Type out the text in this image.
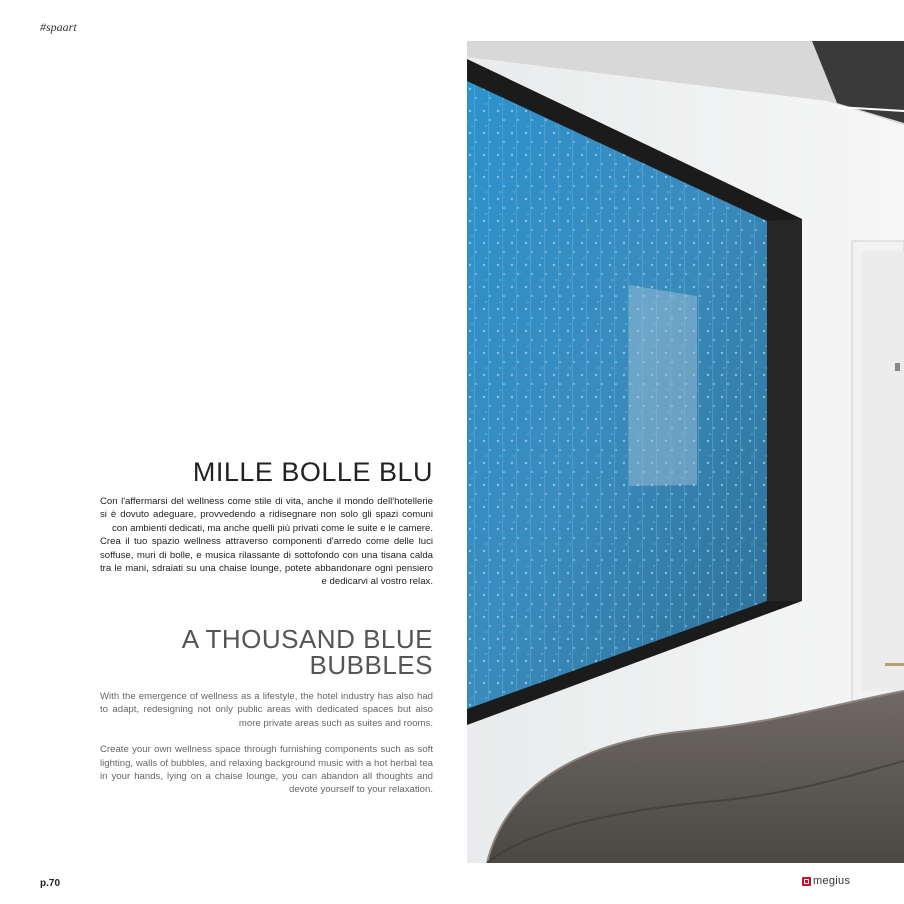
#spaart
MILLE BOLLE BLU

Con l'affermarsi del wellness come stile di vita, anche il mondo dell'hotellerie si è dovuto adeguare, provvedendo a ridisegnare non solo gli spazi comuni con ambienti dedicati, ma anche quelli più privati come le suite e le camere.

Crea il tuo spazio wellness attraverso componenti d'arredo come delle luci soffuse, muri di bolle, e musica rilassante di sottofondo con una tisana calda tra le mani, sdraiati su una chaise lounge, potete abbandonare ogni pensiero e dedicarvi al vostro relax.

A THOUSAND BLUE
BUBBLES

With the emergence of wellness as a lifestyle, the hotel industry has also had to adapt, redesigning not only public areas with dedicated spaces but also more private areas such as suites and rooms.

Create your own wellness space through furnishing components such as soft lighting, walls of bubbles, and relaxing background music with a hot herbal tea in your hands, lying on a chaise lounge, you can abandon all thoughts and devote yourself to your relaxation.

p.70	megius
